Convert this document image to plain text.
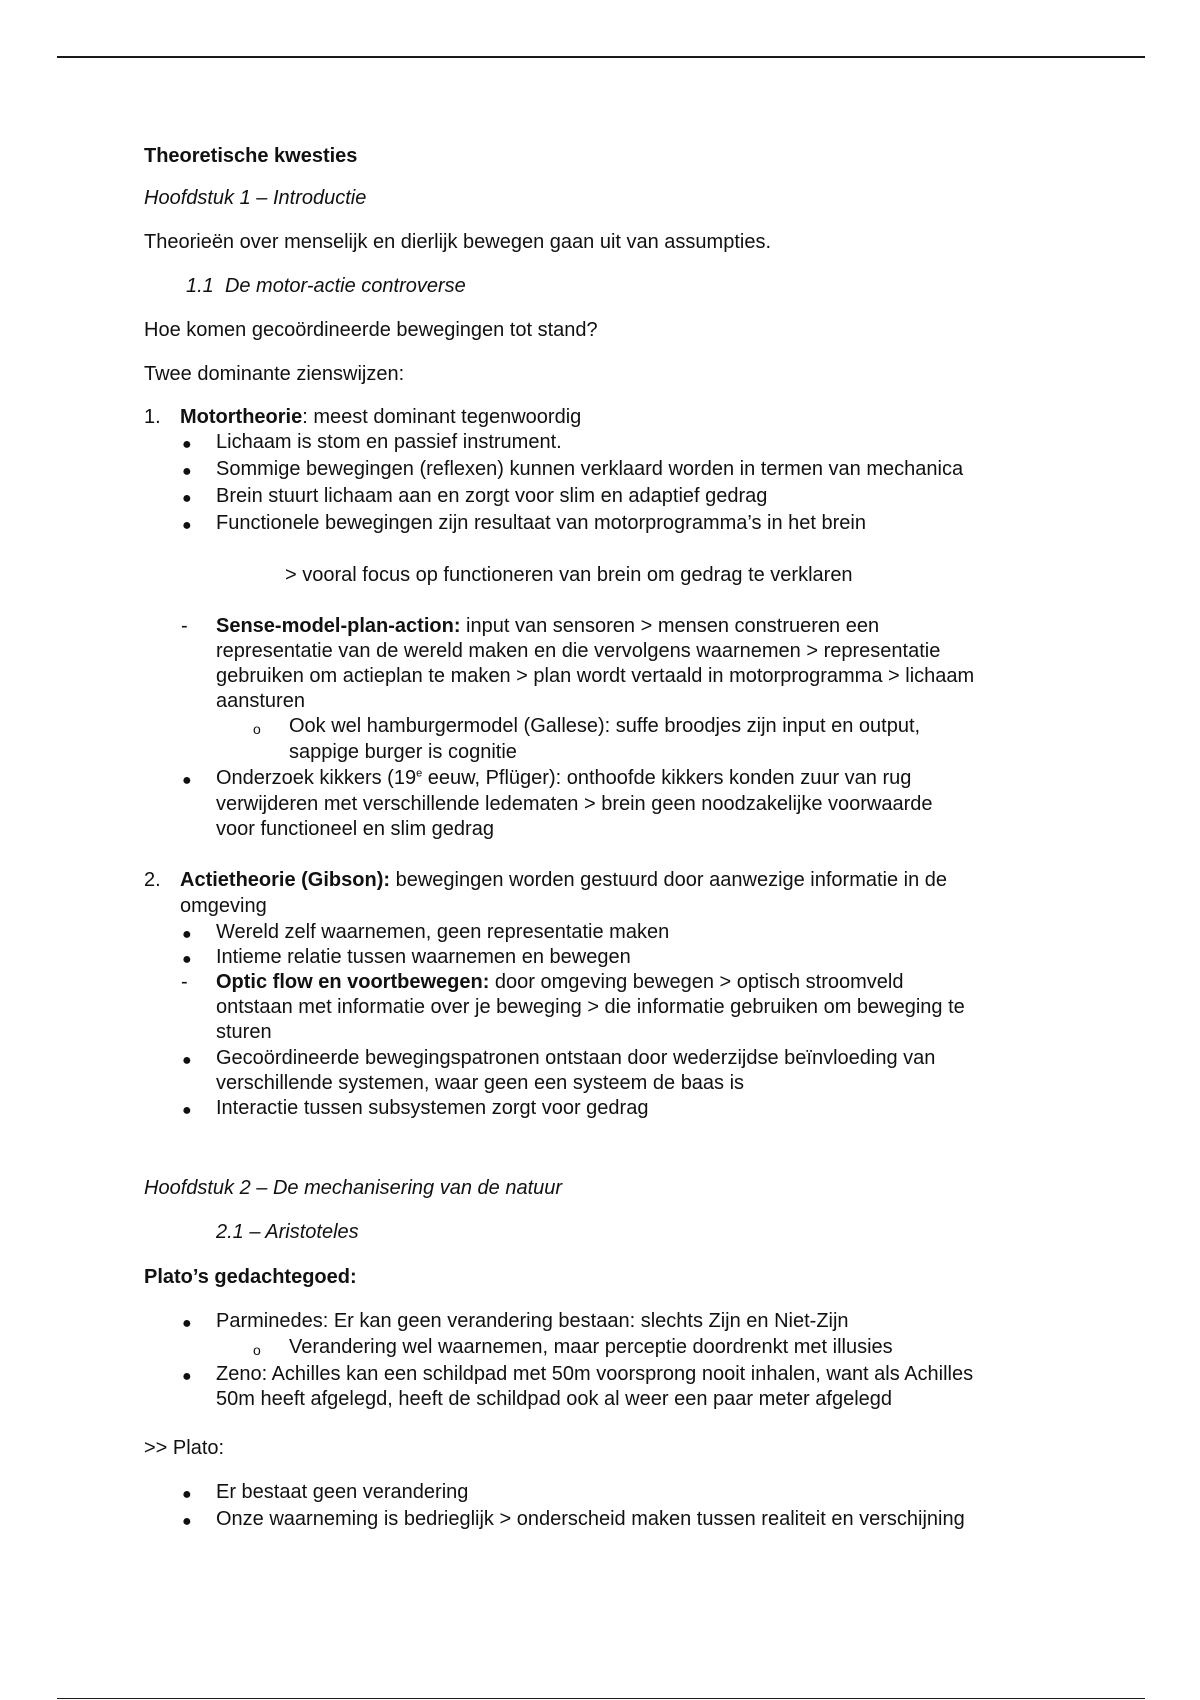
Theoretische kwesties
Hoofdstuk 1 – Introductie
Theorieën over menselijk en dierlijk bewegen gaan uit van assumpties.
1.1 De motor-actie controverse
Hoe komen gecoördineerde bewegingen tot stand?
Twee dominante zienswijzen:
1. Motortheorie: meest dominant tegenwoordig
● Lichaam is stom en passief instrument.
● Sommige bewegingen (reflexen) kunnen verklaard worden in termen van mechanica
● Brein stuurt lichaam aan en zorgt voor slim en adaptief gedrag
● Functionele bewegingen zijn resultaat van motorprogramma’s in het brein
> vooral focus op functioneren van brein om gedrag te verklaren
- Sense-model-plan-action: input van sensoren > mensen construeren een
representatie van de wereld maken en die vervolgens waarnemen > representatie
gebruiken om actieplan te maken > plan wordt vertaald in motorprogramma > lichaam
aansturen
o Ook wel hamburgermodel (Gallese): suffe broodjes zijn input en output,
sappige burger is cognitie
● Onderzoek kikkers (19e eeuw, Pflüger): onthoofde kikkers konden zuur van rug
verwijderen met verschillende ledematen > brein geen noodzakelijke voorwaarde
voor functioneel en slim gedrag
2. Actietheorie (Gibson): bewegingen worden gestuurd door aanwezige informatie in de
omgeving
● Wereld zelf waarnemen, geen representatie maken
● Intieme relatie tussen waarnemen en bewegen
- Optic flow en voortbewegen: door omgeving bewegen > optisch stroomveld
ontstaan met informatie over je beweging > die informatie gebruiken om beweging te
sturen
● Gecoördineerde bewegingspatronen ontstaan door wederzijdse beïnvloeding van
verschillende systemen, waar geen een systeem de baas is
● Interactie tussen subsystemen zorgt voor gedrag
Hoofdstuk 2 – De mechanisering van de natuur
2.1 – Aristoteles
Plato’s gedachtegoed:
● Parminedes: Er kan geen verandering bestaan: slechts Zijn en Niet-Zijn
o Verandering wel waarnemen, maar perceptie doordrenkt met illusies
● Zeno: Achilles kan een schildpad met 50m voorsprong nooit inhalen, want als Achilles
50m heeft afgelegd, heeft de schildpad ook al weer een paar meter afgelegd
>> Plato:
● Er bestaat geen verandering
● Onze waarneming is bedrieglijk > onderscheid maken tussen realiteit en verschijning
